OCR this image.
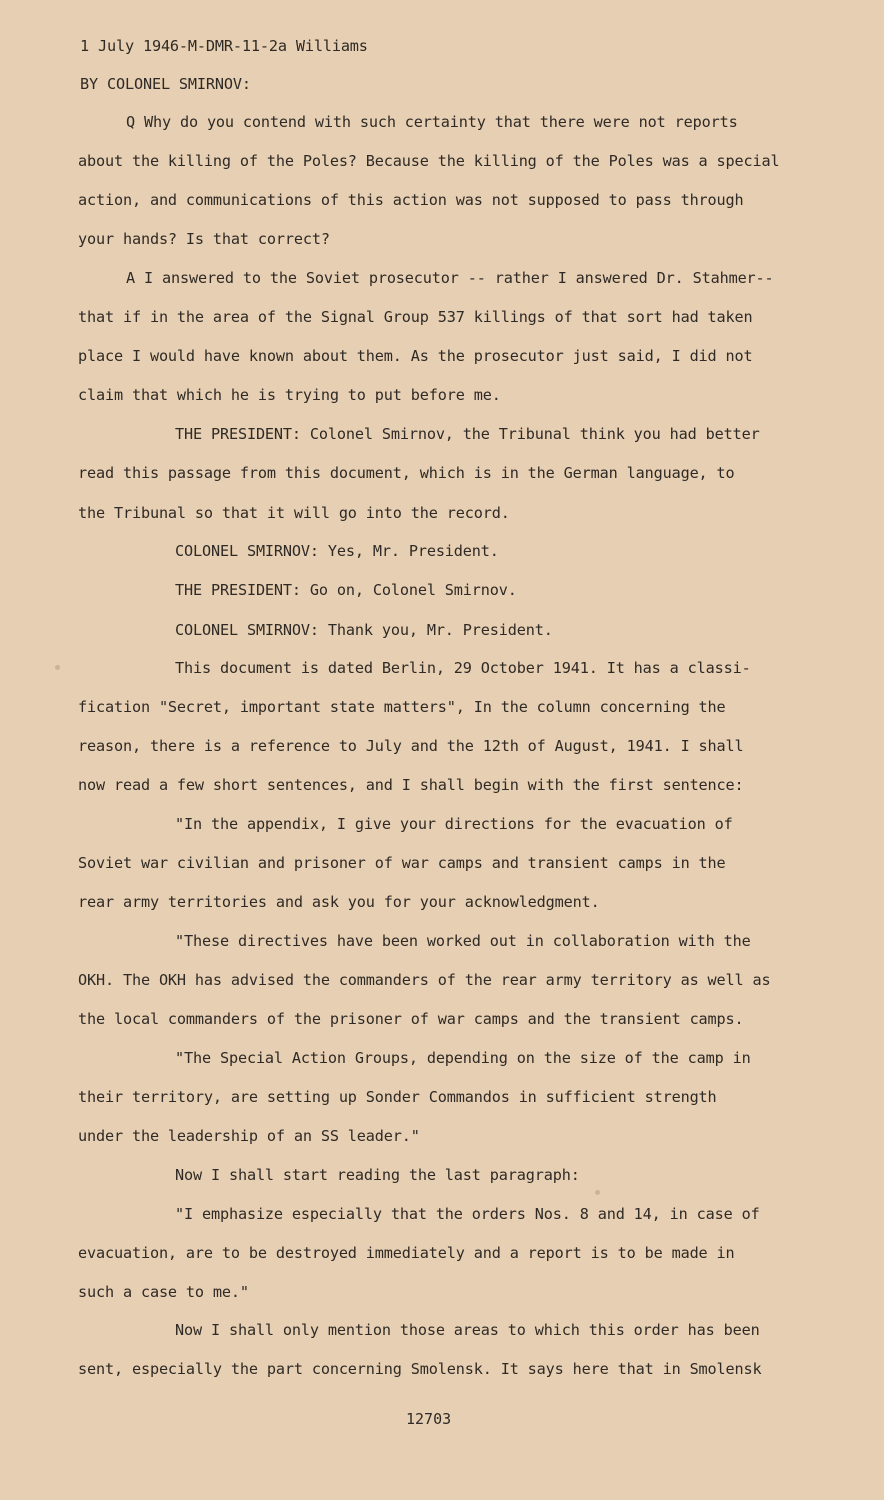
1 July 1946-M-DMR-11-2a Williams

BY COLONEL SMIRNOV:

Q Why do you contend with such certainty that there were not reports

about the killing of the Poles? Because the killing of the Poles was a special

action, and communications of this action was not supposed to pass through

your hands? Is that correct?

A I answered to the Soviet prosecutor -- rather I answered Dr. Stahmer--

that if in the area of the Signal Group 537 killings of that sort had taken

place I would have known about them. As the prosecutor just said, I did not

claim that which he is trying to put before me.

THE PRESIDENT: Colonel Smirnov, the Tribunal think you had better

read this passage from this document, which is in the German language, to

the Tribunal so that it will go into the record.

COLONEL SMIRNOV: Yes, Mr. President.

THE PRESIDENT: Go on, Colonel Smirnov.

COLONEL SMIRNOV: Thank you, Mr. President.

This document is dated Berlin, 29 October 1941. It has a classi-

fication "Secret, important state matters", In the column concerning the

reason, there is a reference to July and the 12th of August, 1941. I shall

now read a few short sentences, and I shall begin with the first sentence:

"In the appendix, I give your directions for the evacuation of

Soviet war civilian and prisoner of war camps and transient camps in the

rear army territories and ask you for your acknowledgment.

"These directives have been worked out in collaboration with the

OKH. The OKH has advised the commanders of the rear army territory as well as

the local commanders of the prisoner of war camps and the transient camps.

"The Special Action Groups, depending on the size of the camp in

their territory, are setting up Sonder Commandos in sufficient strength

under the leadership of an SS leader."

Now I shall start reading the last paragraph:

"I emphasize especially that the orders Nos. 8 and 14, in case of

evacuation, are to be destroyed immediately and a report is to be made in

such a case to me."

Now I shall only mention those areas to which this order has been

sent, especially the part concerning Smolensk. It says here that in Smolensk

12703
